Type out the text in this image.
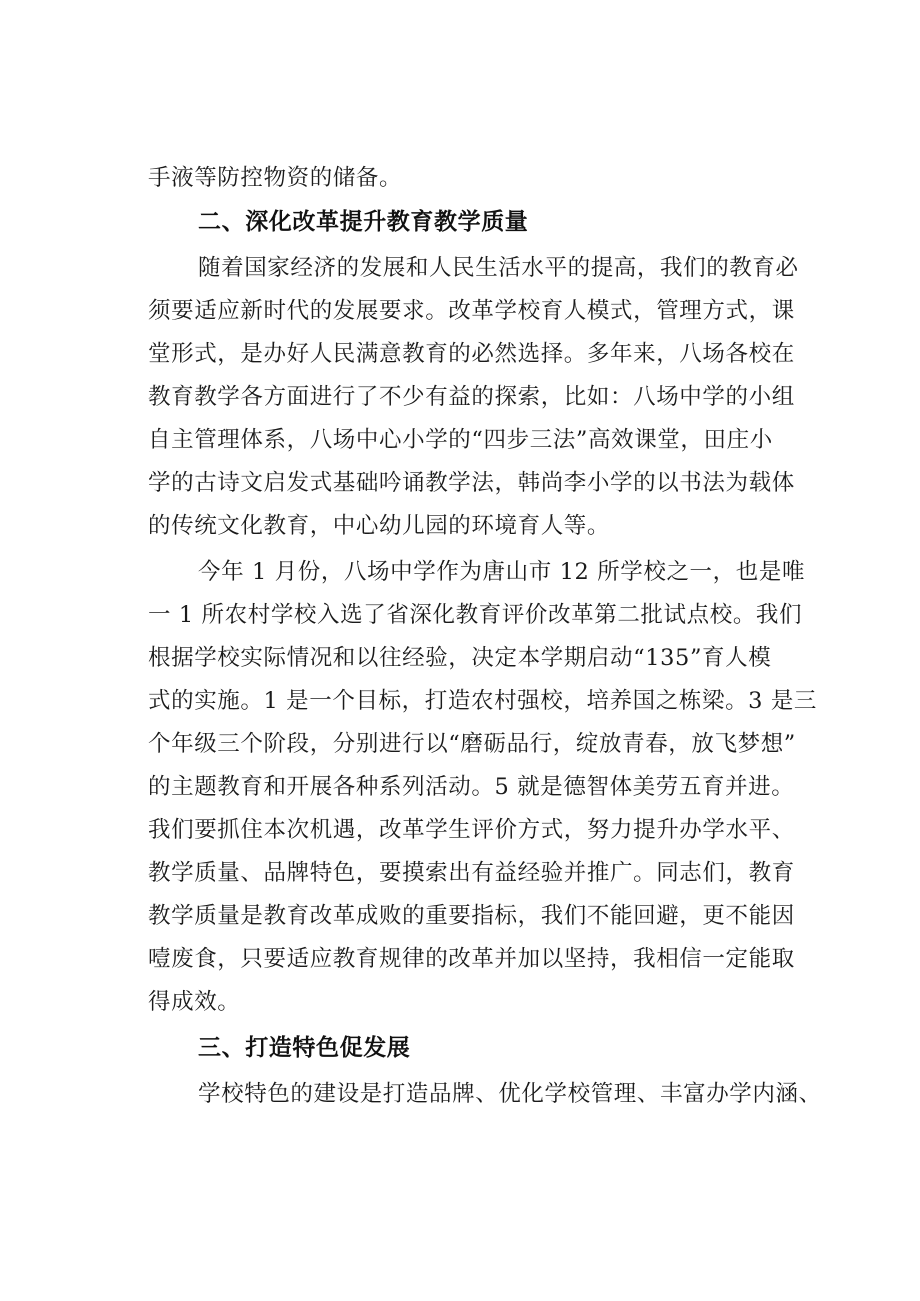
手液等防控物资的储备。
二、深化改革提升教育教学质量
随着国家经济的发展和人民生活水平的提高，我们的教育必
须要适应新时代的发展要求。改革学校育人模式，管理方式，课
堂形式，是办好人民满意教育的必然选择。多年来，八场各校在
教育教学各方面进行了不少有益的探索，比如：八场中学的小组
自主管理体系，八场中心小学的“四步三法”高效课堂，田庄小
学的古诗文启发式基础吟诵教学法，韩尚李小学的以书法为载体
的传统文化教育，中心幼儿园的环境育人等。
今年 1 月份，八场中学作为唐山市 12 所学校之一，也是唯
一 1 所农村学校入选了省深化教育评价改革第二批试点校。我们
根据学校实际情况和以往经验，决定本学期启动“135”育人模
式的实施。1 是一个目标，打造农村强校，培养国之栋梁。3 是三
个年级三个阶段，分别进行以“磨砺品行，绽放青春，放飞梦想”
的主题教育和开展各种系列活动。5 就是德智体美劳五育并进。
我们要抓住本次机遇，改革学生评价方式，努力提升办学水平、
教学质量、品牌特色，要摸索出有益经验并推广。同志们，教育
教学质量是教育改革成败的重要指标，我们不能回避，更不能因
噎废食，只要适应教育规律的改革并加以坚持，我相信一定能取
得成效。
三、打造特色促发展
学校特色的建设是打造品牌、优化学校管理、丰富办学内涵、
